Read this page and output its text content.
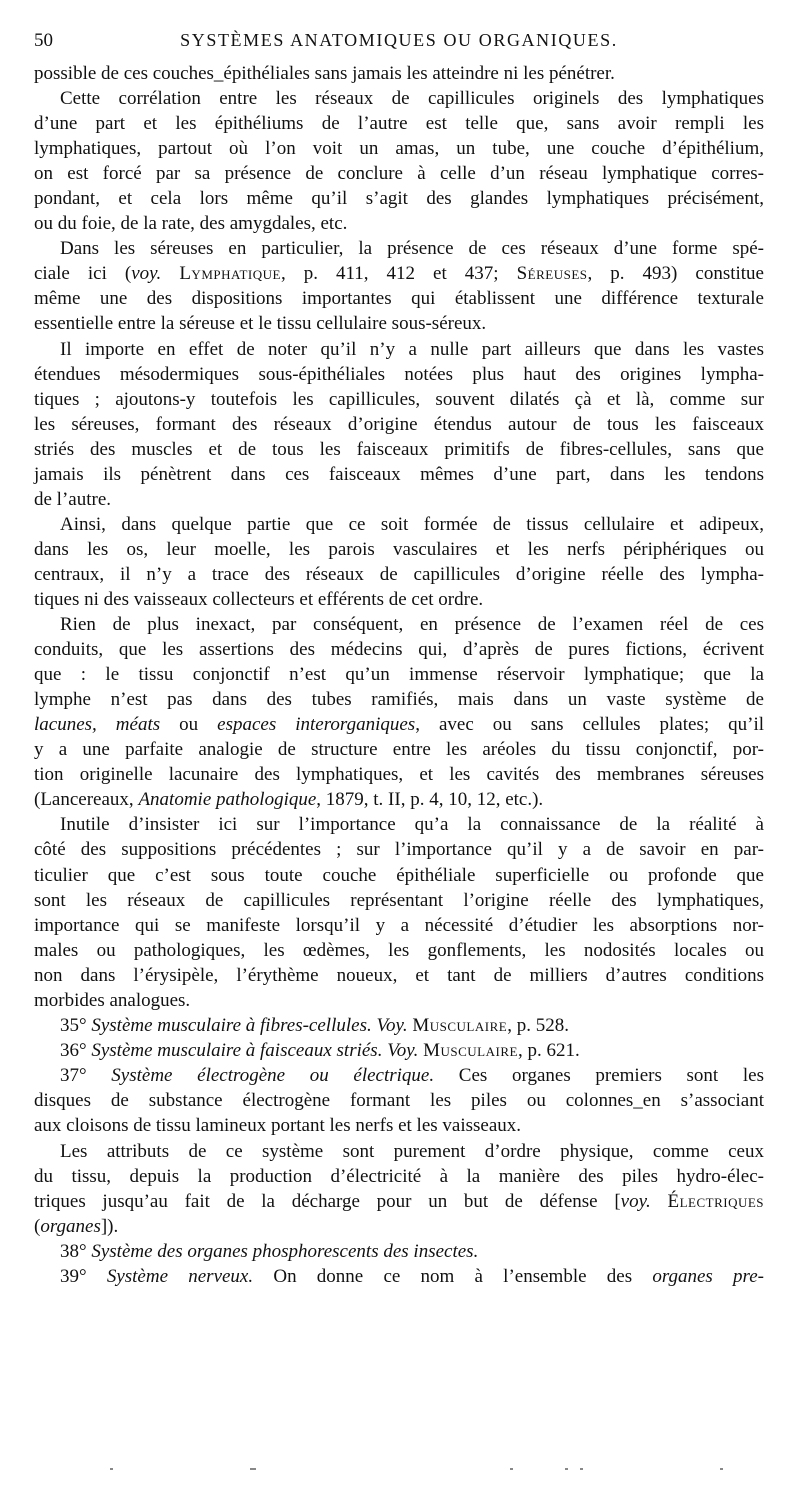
50	SYSTÈMES ANATOMIQUES OU ORGANIQUES.
possible de ces couches_épithéliales sans jamais les atteindre ni les pénétrer.
Cette corrélation entre les réseaux de capillicules originels des lymphatiques
d’une part et les épithéliums de l’autre est telle que, sans avoir rempli les
lymphatiques, partout où l’on voit un amas, un tube, une couche d’épithélium,
on est forcé par sa présence de conclure à celle d’un réseau lymphatique corres-
pondant, et cela lors même qu’il s’agit des glandes lymphatiques précisément,
ou du foie, de la rate, des amygdales, etc.
Dans les séreuses en particulier, la présence de ces réseaux d’une forme spé-
ciale ici (voy. Lymphatique, p. 411, 412 et 437; Séreuses, p. 493) constitue
même une des dispositions importantes qui établissent une différence texturale
essentielle entre la séreuse et le tissu cellulaire sous-séreux.
Il importe en effet de noter qu’il n’y a nulle part ailleurs que dans les vastes
étendues mésodermiques sous-épithéliales notées plus haut des origines lympha-
tiques ; ajoutons-y toutefois les capillicules, souvent dilatés çà et là, comme sur
les séreuses, formant des réseaux d’origine étendus autour de tous les faisceaux
striés des muscles et de tous les faisceaux primitifs de fibres-cellules, sans que
jamais ils pénètrent dans ces faisceaux mêmes d’une part, dans les tendons
de l’autre.
Ainsi, dans quelque partie que ce soit formée de tissus cellulaire et adipeux,
dans les os, leur moelle, les parois vasculaires et les nerfs périphériques ou
centraux, il n’y a trace des réseaux de capillicules d’origine réelle des lympha-
tiques ni des vaisseaux collecteurs et efférents de cet ordre.
Rien de plus inexact, par conséquent, en présence de l’examen réel de ces
conduits, que les assertions des médecins qui, d’après de pures fictions, écrivent
que : le tissu conjonctif n’est qu’un immense réservoir lymphatique; que la
lymphe n’est pas dans des tubes ramifiés, mais dans un vaste système de
lacunes, méats ou espaces interorganiques, avec ou sans cellules plates; qu’il
y a une parfaite analogie de structure entre les aréoles du tissu conjonctif, por-
tion originelle lacunaire des lymphatiques, et les cavités des membranes séreuses
(Lancereaux, Anatomie pathologique, 1879, t. II, p. 4, 10, 12, etc.).
Inutile d’insister ici sur l’importance qu’a la connaissance de la réalité à
côté des suppositions précédentes ; sur l’importance qu’il y a de savoir en par-
ticulier que c’est sous toute couche épithéliale superficielle ou profonde que
sont les réseaux de capillicules représentant l’origine réelle des lymphatiques,
importance qui se manifeste lorsqu’il y a nécessité d’étudier les absorptions nor-
males ou pathologiques, les œdèmes, les gonflements, les nodosités locales ou
non dans l’érysipèle, l’érythème noueux, et tant de milliers d’autres conditions
morbides analogues.
35° Système musculaire à fibres-cellules. Voy. Musculaire, p. 528.
36° Système musculaire à faisceaux striés. Voy. Musculaire, p. 621.
37° Système électrogène ou électrique. Ces organes premiers sont les
disques de substance électrogène formant les piles ou colonnes_en s’associant
aux cloisons de tissu lamineux portant les nerfs et les vaisseaux.
Les attributs de ce système sont purement d’ordre physique, comme ceux
du tissu, depuis la production d’électricité à la manière des piles hydro-élec-
triques jusqu’au fait de la décharge pour un but de défense [voy. Électriques
(organes]).
38° Système des organes phosphorescents des insectes.
39° Système nerveux. On donne ce nom à l’ensemble des organes pre-
